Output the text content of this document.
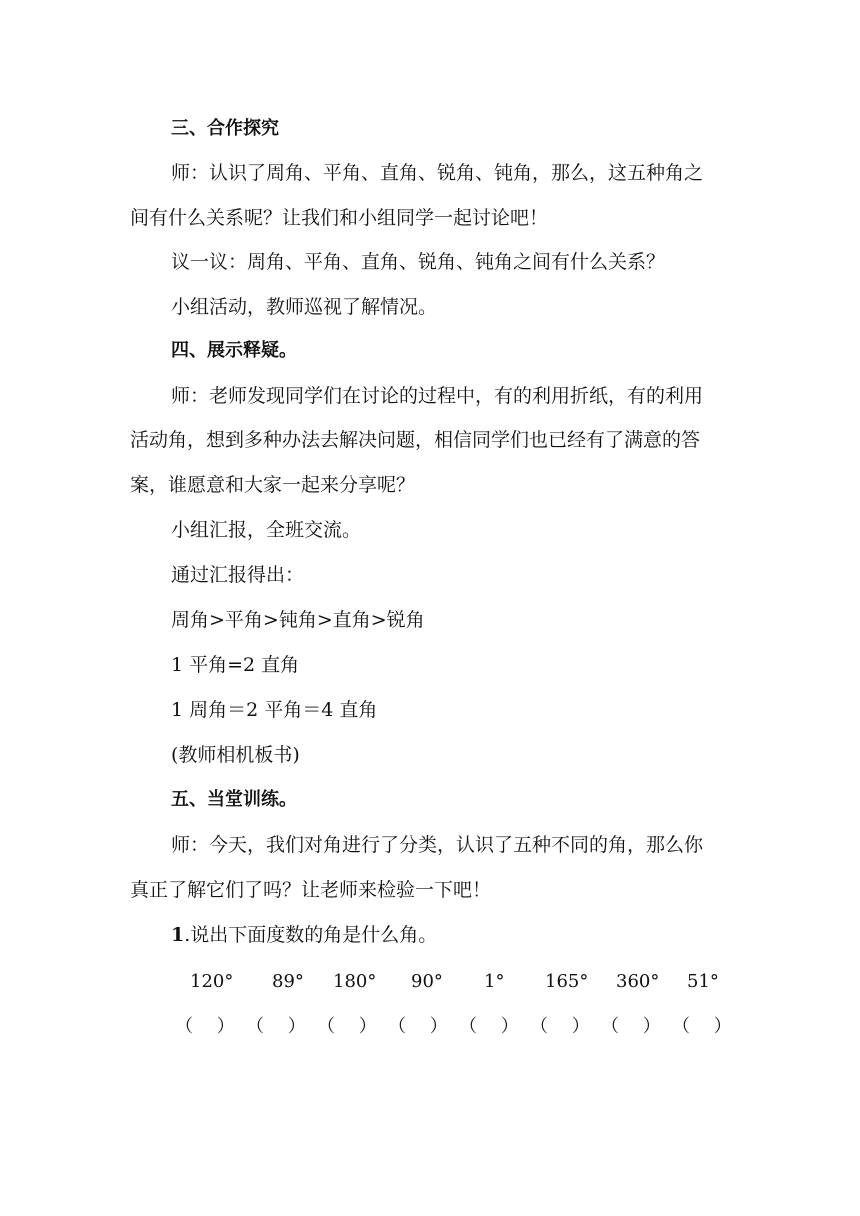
三、合作探究
师：认识了周角、平角、直角、锐角、钝角，那么，这五种角之
间有什么关系呢？让我们和小组同学一起讨论吧！
议一议：周角、平角、直角、锐角、钝角之间有什么关系？
小组活动，教师巡视了解情况。
四、展示释疑。
师：老师发现同学们在讨论的过程中，有的利用折纸，有的利用
活动角，想到多种办法去解决问题，相信同学们也已经有了满意的答
案，谁愿意和大家一起来分享呢？
小组汇报，全班交流。
通过汇报得出：
周角>平角>钝角>直角>锐角
1 平角=2 直角
1 周角＝2 平角＝4 直角
(教师相机板书)
五、当堂训练。
师：今天，我们对角进行了分类，认识了五种不同的角，那么你
真正了解它们了吗？让老师来检验一下吧！
1.说出下面度数的角是什么角。
120° 89° 180° 90° 1° 165° 360° 51°
（　 ） （　 ） （　 ） （　 ） （　 ） （　 ） （　 ） （　 ）
